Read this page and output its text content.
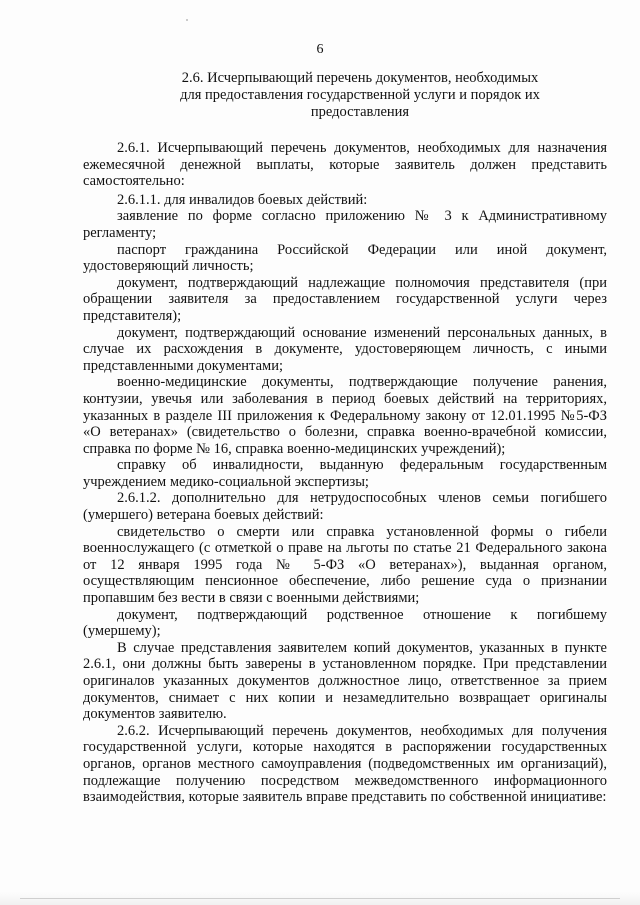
6
2.6. Исчерпывающий перечень документов, необходимых
для предоставления государственной услуги и порядок их
предоставления

2.6.1. Исчерпывающий перечень документов, необходимых для назначения ежемесячной денежной выплаты, которые заявитель должен представить самостоятельно:

2.6.1.1. для инвалидов боевых действий:

заявление по форме согласно приложению № 3 к Административному регламенту;

паспорт гражданина Российской Федерации или иной документ, удостоверяющий личность;

документ, подтверждающий надлежащие полномочия представителя (при обращении заявителя за предоставлением государственной услуги через представителя);

документ, подтверждающий основание изменений персональных данных, в случае их расхождения в документе, удостоверяющем личность, с иными представленными документами;

военно-медицинские документы, подтверждающие получение ранения, контузии, увечья или заболевания в период боевых действий на территориях, указанных в разделе III приложения к Федеральному закону от 12.01.1995 №5-ФЗ «О ветеранах» (свидетельство о болезни, справка военно-врачебной комиссии, справка по форме № 16, справка военно-медицинских учреждений);

справку об инвалидности, выданную федеральным государственным учреждением медико-социальной экспертизы;

2.6.1.2. дополнительно для нетрудоспособных членов семьи погибшего (умершего) ветерана боевых действий:

свидетельство о смерти или справка установленной формы о гибели военнослужащего (с отметкой о праве на льготы по статье 21 Федерального закона от 12 января 1995 года № 5-ФЗ «О ветеранах»), выданная органом, осуществляющим пенсионное обеспечение, либо решение суда о признании пропавшим без вести в связи с военными действиями;

документ, подтверждающий родственное отношение к погибшему (умершему);

В случае представления заявителем копий документов, указанных в пункте 2.6.1, они должны быть заверены в установленном порядке. При представлении оригиналов указанных документов должностное лицо, ответственное за прием документов, снимает с них копии и незамедлительно возвращает оригиналы документов заявителю.

2.6.2. Исчерпывающий перечень документов, необходимых для получения государственной услуги, которые находятся в распоряжении государственных органов, органов местного самоуправления (подведомственных им организаций), подлежащие получению посредством межведомственного информационного взаимодействия, которые заявитель вправе представить по собственной инициативе:
